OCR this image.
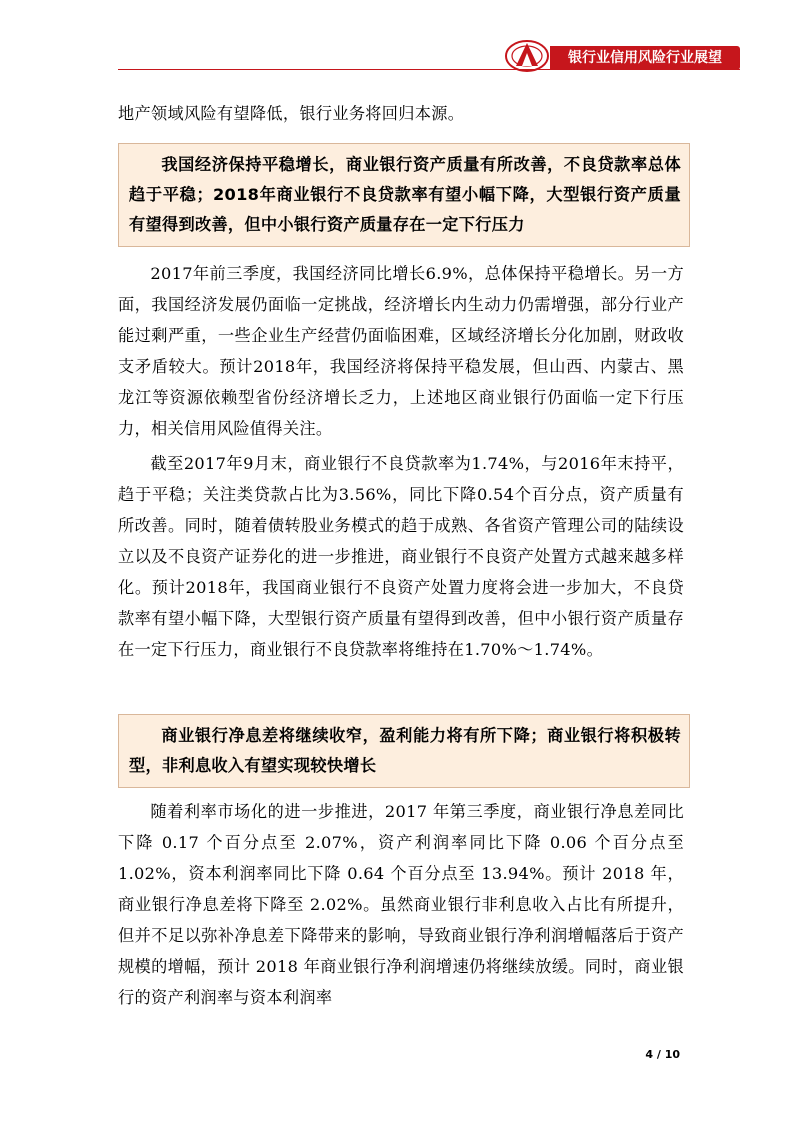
银行业信用风险行业展望
地产领域风险有望降低，银行业务将回归本源。
我国经济保持平稳增长，商业银行资产质量有所改善，不良贷款率总体趋于平稳；2018年商业银行不良贷款率有望小幅下降，大型银行资产质量有望得到改善，但中小银行资产质量存在一定下行压力
2017年前三季度，我国经济同比增长6.9%，总体保持平稳增长。另一方面，我国经济发展仍面临一定挑战，经济增长内生动力仍需增强，部分行业产能过剩严重，一些企业生产经营仍面临困难，区域经济增长分化加剧，财政收支矛盾较大。预计2018年，我国经济将保持平稳发展，但山西、内蒙古、黑龙江等资源依赖型省份经济增长乏力，上述地区商业银行仍面临一定下行压力，相关信用风险值得关注。
截至2017年9月末，商业银行不良贷款率为1.74%，与2016年末持平，趋于平稳；关注类贷款占比为3.56%，同比下降0.54个百分点，资产质量有所改善。同时，随着债转股业务模式的趋于成熟、各省资产管理公司的陆续设立以及不良资产证券化的进一步推进，商业银行不良资产处置方式越来越多样化。预计2018年，我国商业银行不良资产处置力度将会进一步加大，不良贷款率有望小幅下降，大型银行资产质量有望得到改善，但中小银行资产质量存在一定下行压力，商业银行不良贷款率将维持在1.70%～1.74%。
商业银行净息差将继续收窄，盈利能力将有所下降；商业银行将积极转型，非利息收入有望实现较快增长
随着利率市场化的进一步推进，2017 年第三季度，商业银行净息差同比下降 0.17 个百分点至 2.07%，资产利润率同比下降 0.06 个百分点至 1.02%，资本利润率同比下降 0.64 个百分点至 13.94%。预计 2018 年，商业银行净息差将下降至 2.02%。虽然商业银行非利息收入占比有所提升，但并不足以弥补净息差下降带来的影响，导致商业银行净利润增幅落后于资产规模的增幅，预计 2018 年商业银行净利润增速仍将继续放缓。同时，商业银行的资产利润率与资本利润率
4 / 10
